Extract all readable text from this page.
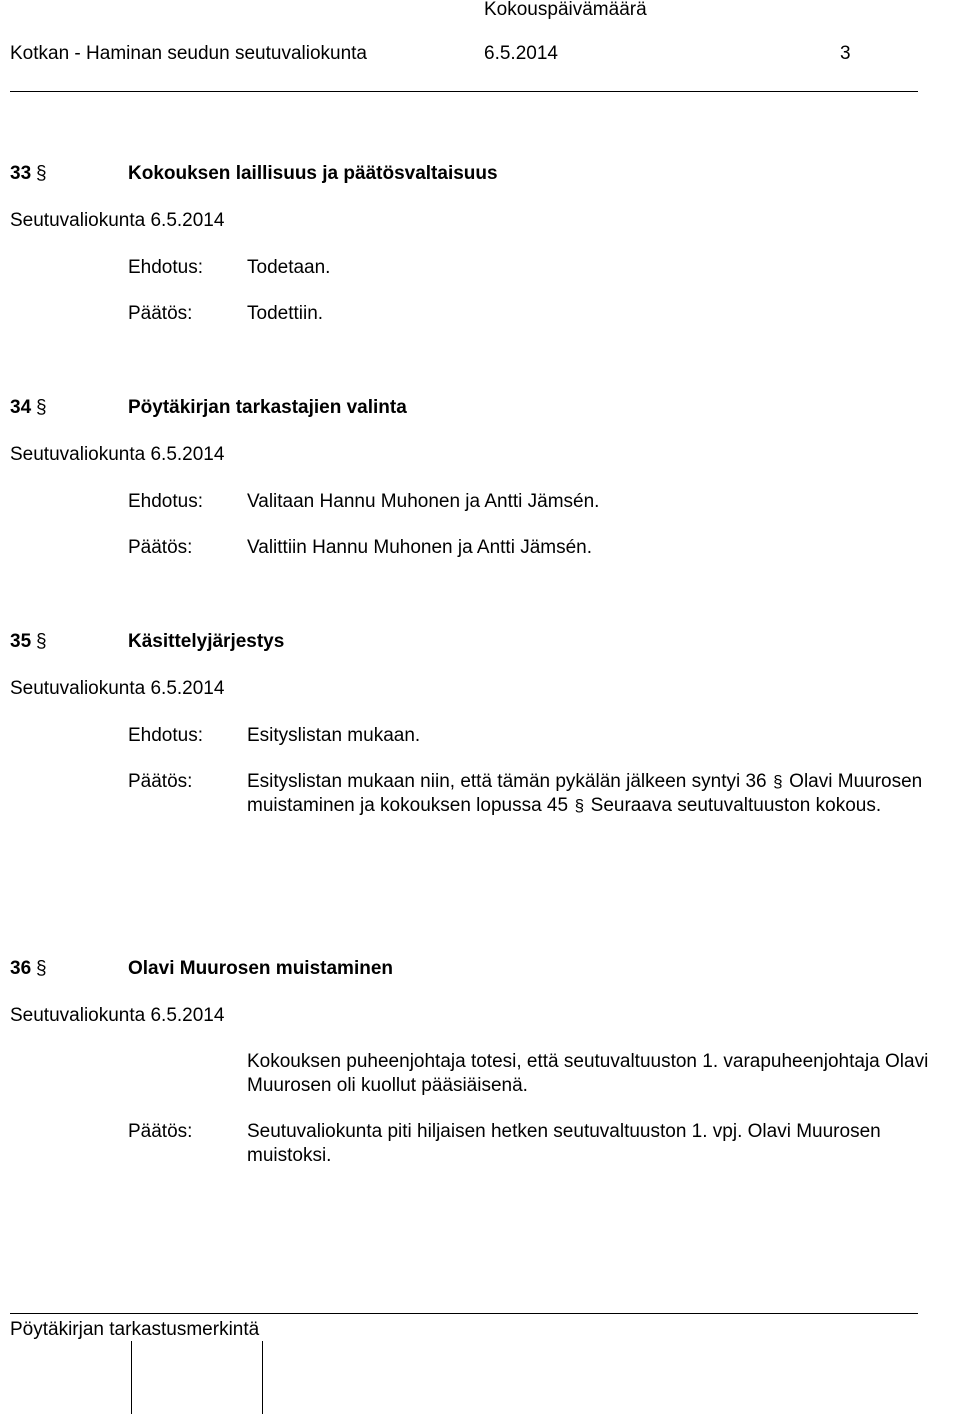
Kokouspäivämäärä
Kotkan - Haminan seudun seutuvaliokunta	6.5.2014	3
33 §	Kokouksen laillisuus ja päätösvaltaisuus
Seutuvaliokunta 6.5.2014
Ehdotus: Todetaan.
Päätös:	Todettiin.
34 §	Pöytäkirjan tarkastajien valinta
Seutuvaliokunta 6.5.2014
Ehdotus: Valitaan Hannu Muhonen ja Antti Jämsén.
Päätös:	Valittiin Hannu Muhonen ja Antti Jämsén.
35 §	Käsittelyjärjestys
Seutuvaliokunta 6.5.2014
Ehdotus: Esityslistan mukaan.
Päätös:	Esityslistan mukaan niin, että tämän pykälän jälkeen syntyi 36 § Olavi Muurosen muistaminen ja kokouksen lopussa 45 § Seuraava seutuvaltuuston kokous.
36 §	Olavi Muurosen muistaminen
Seutuvaliokunta 6.5.2014
Kokouksen puheenjohtaja totesi, että seutuvaltuuston 1. varapuheenjohtaja Olavi Muurosen oli kuollut pääsiäisenä.
Päätös:	Seutuvaliokunta piti hiljaisen hetken seutuvaltuuston 1. vpj. Olavi Muurosen muistoksi.
Pöytäkirjan tarkastusmerkintä
